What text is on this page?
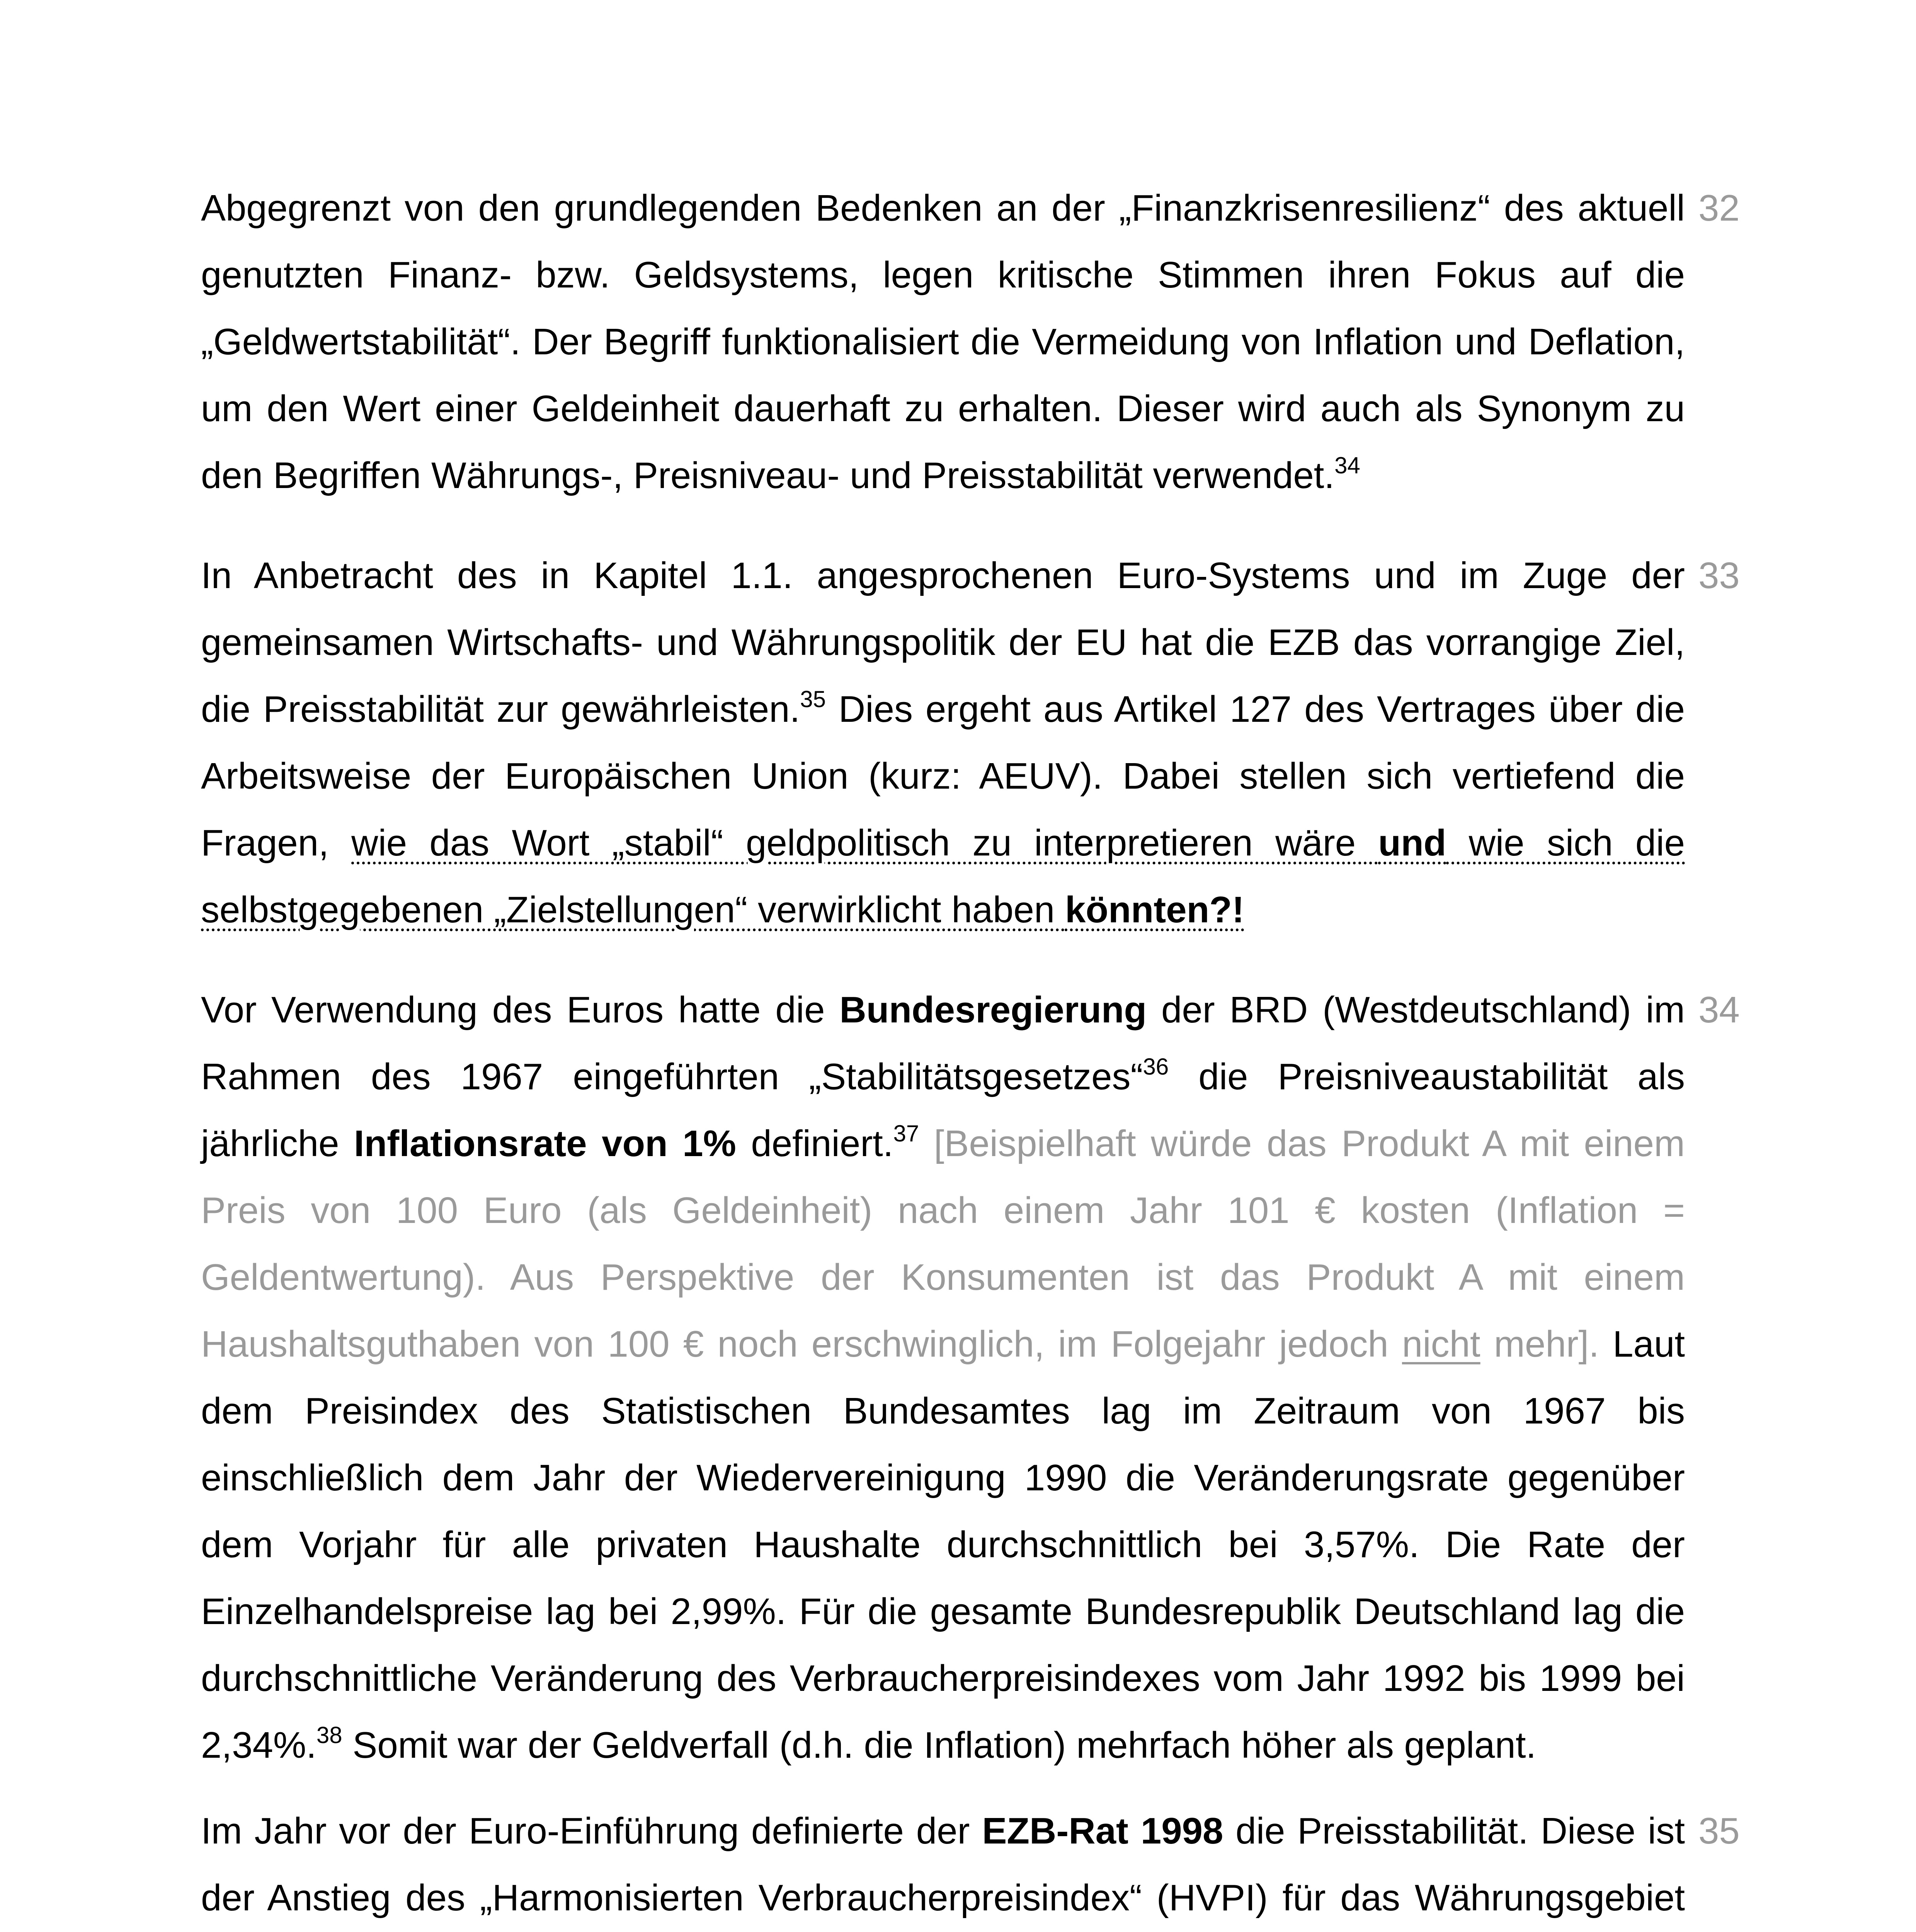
Abgegrenzt von den grundlegenden Bedenken an der „Finanzkrisenresilienz“ des aktuell genutzten Finanz- bzw. Geldsystems, legen kritische Stimmen ihren Fokus auf die „Geldwertstabilität“. Der Begriff funktionalisiert die Vermeidung von Inflation und Deflation, um den Wert einer Geldeinheit dauerhaft zu erhalten. Dieser wird auch als Synonym zu den Begriffen Währungs-, Preisniveau- und Preisstabilität verwendet.$^{34}$

32

In Anbetracht des in Kapitel 1.1. angesprochenen Euro-Systems und im Zuge der gemeinsamen Wirtschafts- und Währungspolitik der EU hat die EZB das vorrangige Ziel, die Preisstabilität zur gewährleisten.$^{35}$ Dies ergeht aus Artikel 127 des Vertrages über die Arbeitsweise der Europäischen Union (kurz: AEUV). Dabei stellen sich vertiefend die Fragen, wie das Wort „stabil“ geldpolitisch zu interpretieren wäre und wie sich die selbstgegebenen „Zielstellungen“ verwirklicht haben könnten?!

33

Vor Verwendung des Euros hatte die Bundesregierung der BRD (Westdeutschland) im Rahmen des 1967 eingeführten „Stabilitätsgesetzes“$^{36}$ die Preisniveaustabilität als jährliche Inflationsrate von 1% definiert.$^{37}$ [Beispielhaft würde das Produkt A mit einem Preis von 100 Euro (als Geldeinheit) nach einem Jahr 101 € kosten (Inflation = Geldentwertung). Aus Perspektive der Konsumenten ist das Produkt A mit einem Haushaltsguthaben von 100 € noch erschwinglich, im Folgejahr jedoch nicht mehr]. Laut dem Preisindex des Statistischen Bundesamtes lag im Zeitraum von 1967 bis einschließlich dem Jahr der Wiedervereinigung 1990 die Veränderungsrate gegenüber dem Vorjahr für alle privaten Haushalte durchschnittlich bei 3,57%. Die Rate der Einzelhandelspreise lag bei 2,99%. Für die gesamte Bundesrepublik Deutschland lag die durchschnittliche Veränderung des Verbraucherpreisindexes vom Jahr 1992 bis 1999 bei 2,34%.$^{38}$ Somit war der Geldverfall (d.h. die Inflation) mehrfach höher als geplant.

34

Im Jahr vor der Euro-Einführung definierte der EZB-Rat 1998 die Preisstabilität. Diese ist der Anstieg des „Harmonisierten Verbraucherpreisindex“ (HVPI) für das Währungsgebiet

35
